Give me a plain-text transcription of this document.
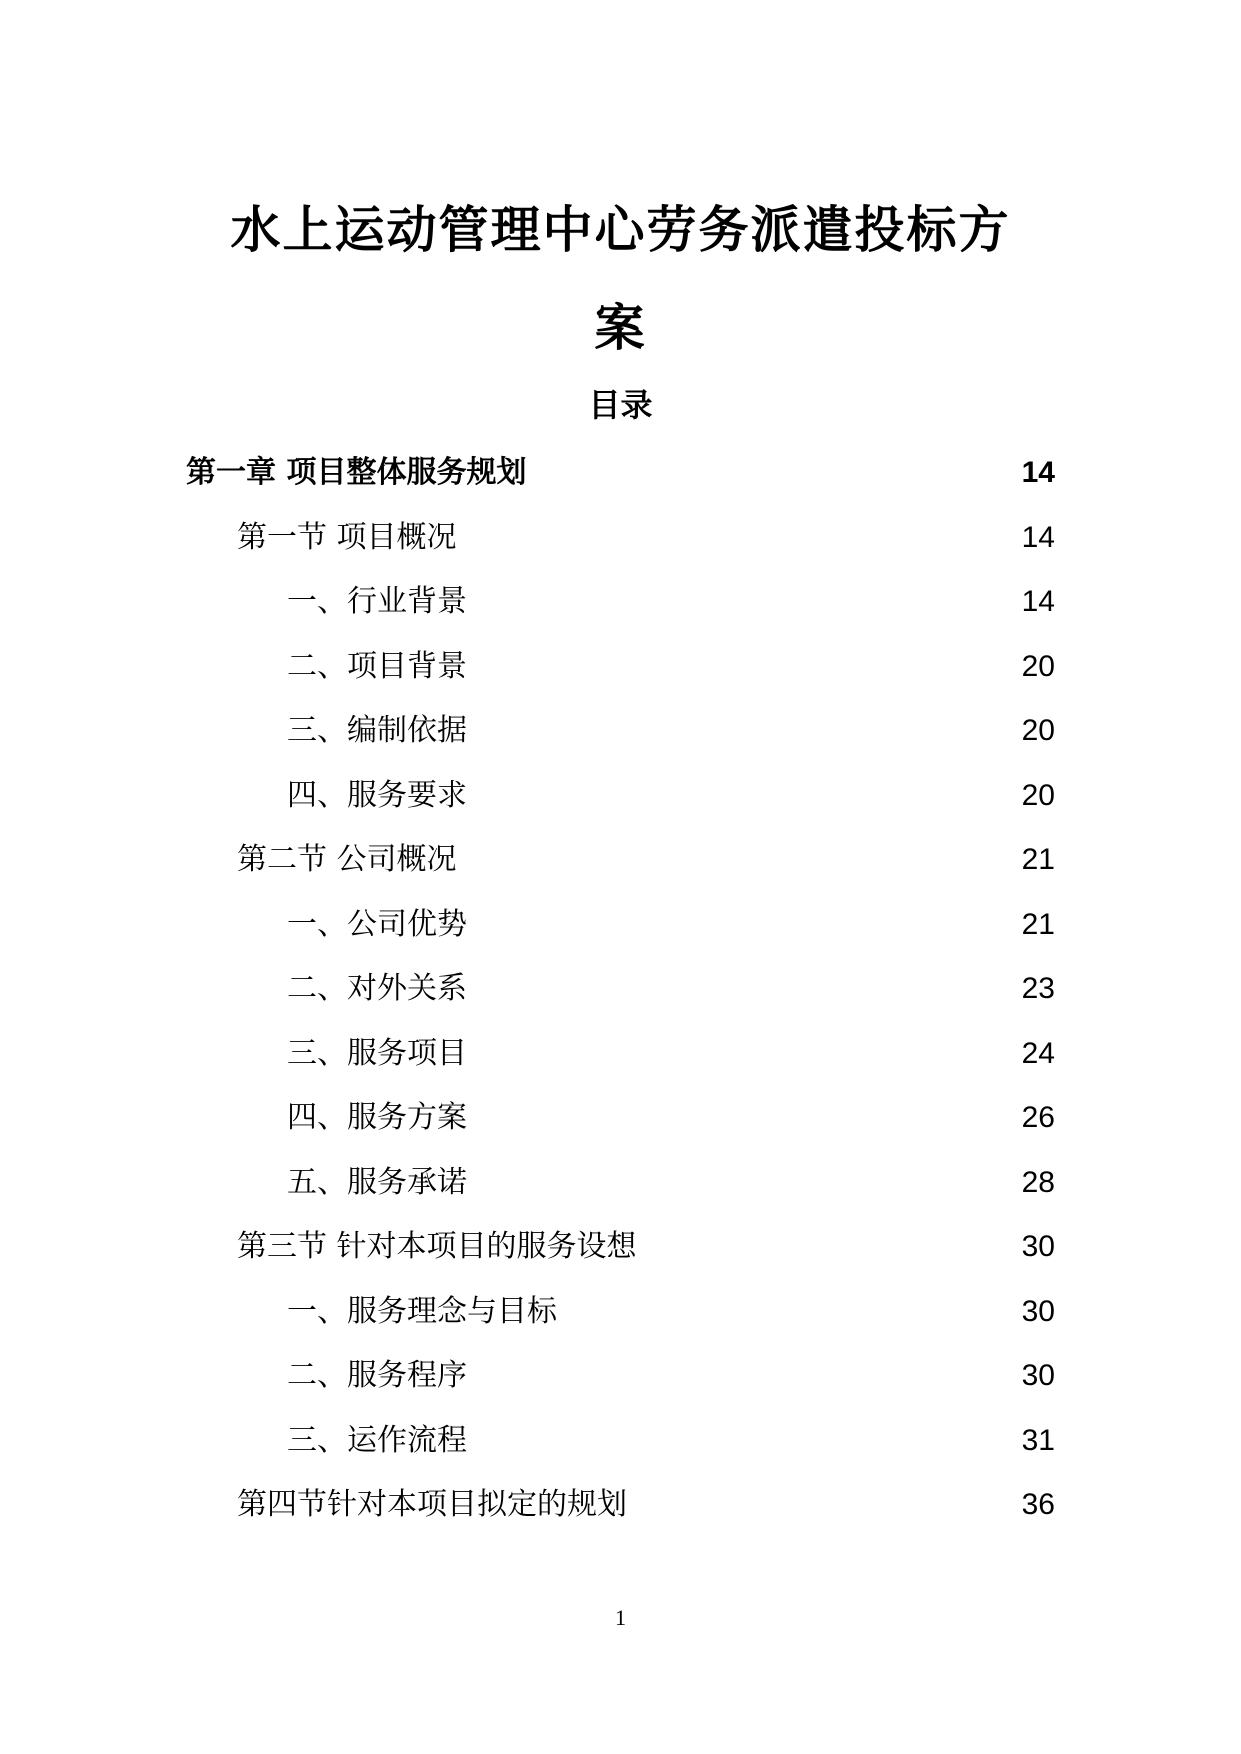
水上运动管理中心劳务派遣投标方
案
目录
第一章 项目整体服务规划	14
第一节 项目概况	14
一、行业背景	14
二、项目背景	20
三、编制依据	20
四、服务要求	20
第二节 公司概况	21
一、公司优势	21
二、对外关系	23
三、服务项目	24
四、服务方案	26
五、服务承诺	28
第三节 针对本项目的服务设想	30
一、服务理念与目标	30
二、服务程序	30
三、运作流程	31
第四节针对本项目拟定的规划	36
1
